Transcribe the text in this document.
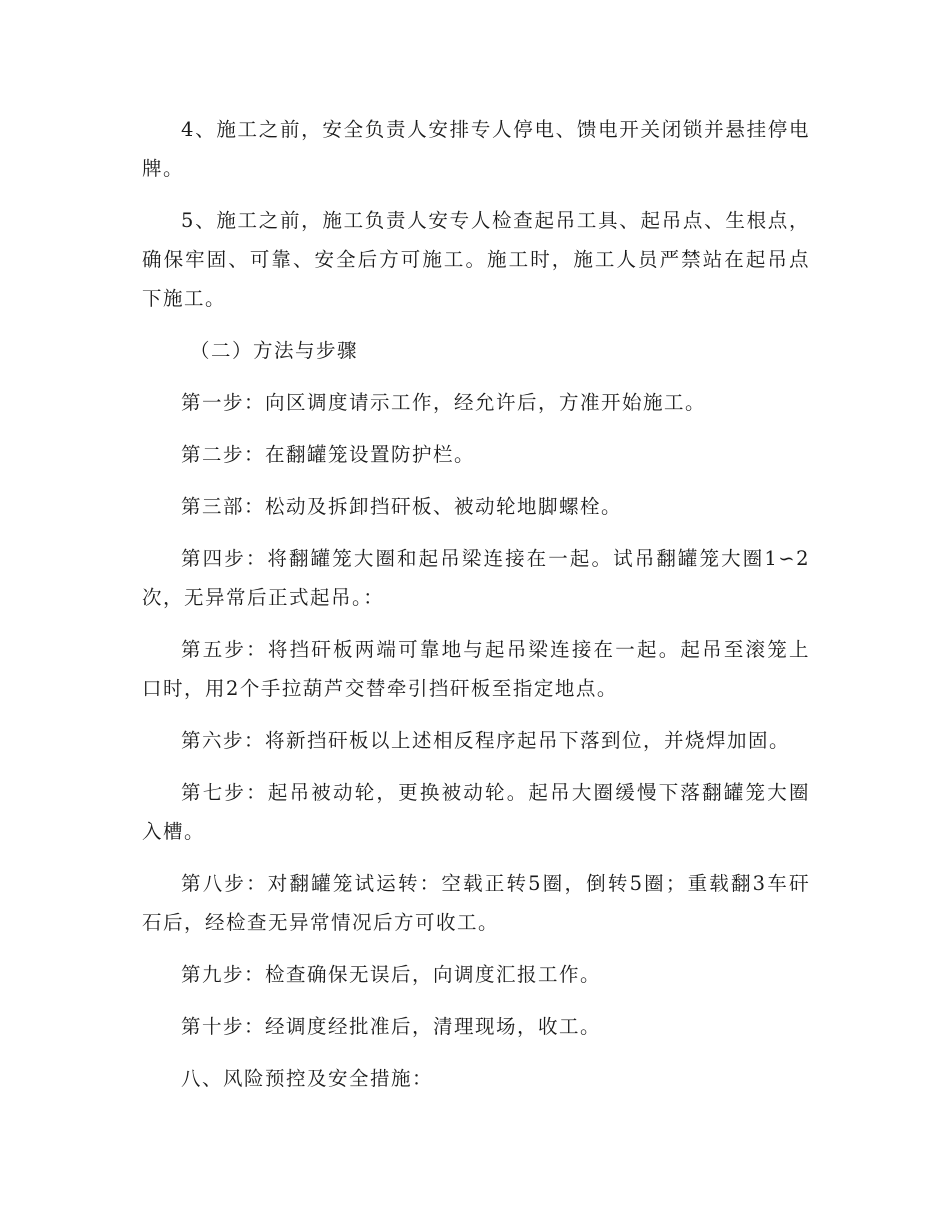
4、施工之前，安全负责人安排专人停电、馈电开关闭锁并悬挂停电牌。

5、施工之前，施工负责人安专人检查起吊工具、起吊点、生根点，确保牢固、可靠、安全后方可施工。施工时，施工人员严禁站在起吊点下施工。

（二）方法与步骤

第一步：向区调度请示工作，经允许后，方准开始施工。

第二步：在翻罐笼设置防护栏。

第三部：松动及拆卸挡矸板、被动轮地脚螺栓。

第四步：将翻罐笼大圈和起吊梁连接在一起。试吊翻罐笼大圈1∽2次，无异常后正式起吊。：

第五步：将挡矸板两端可靠地与起吊梁连接在一起。起吊至滚笼上口时，用2个手拉葫芦交替牵引挡矸板至指定地点。

第六步：将新挡矸板以上述相反程序起吊下落到位，并烧焊加固。

第七步：起吊被动轮，更换被动轮。起吊大圈缓慢下落翻罐笼大圈入槽。

第八步：对翻罐笼试运转：空载正转5圈，倒转5圈；重载翻3车矸石后，经检查无异常情况后方可收工。

第九步：检查确保无误后，向调度汇报工作。

第十步：经调度经批准后，清理现场，收工。

八、风险预控及安全措施：
